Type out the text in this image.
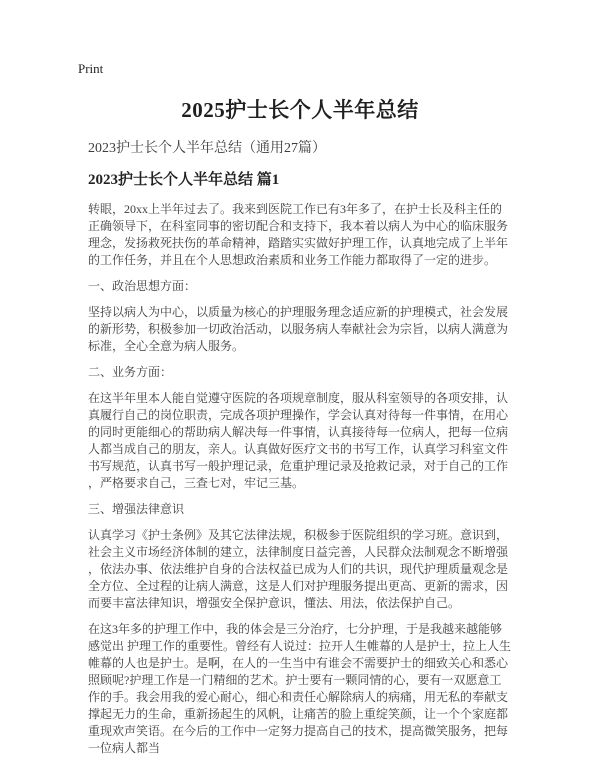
Print
2025护士长个人半年总结
2023护士长个人半年总结（通用27篇）
2023护士长个人半年总结 篇1

转眼，20xx上半年过去了。我来到医院工作已有3年多了，在护士长及科主任的正确领导下，在科室同事的密切配合和支持下，我本着以病人为中心的临床服务理念，发扬救死扶伤的革命精神，踏踏实实做好护理工作，认真地完成了上半年的工作任务，并且在个人思想政治素质和业务工作能力都取得了一定的进步。

一、政治思想方面：

坚持以病人为中心，以质量为核心的护理服务理念适应新的护理模式，社会发展的新形势，积极参加一切政治活动，以服务病人奉献社会为宗旨，以病人满意为标准，全心全意为病人服务。

二、业务方面：

在这半年里本人能自觉遵守医院的各项规章制度，服从科室领导的各项安排，认真履行自己的岗位职责，完成各项护理操作，学会认真对待每一件事情，在用心的同时更能细心的帮助病人解决每一件事情，认真接待每一位病人，把每一位病人都当成自己的朋友，亲人。认真做好医疗文书的书写工作，认真学习科室文件书写规范，认真书写一般护理记录，危重护理记录及抢救记录，对于自己的工作，严格要求自己，三查七对，牢记三基。

三、增强法律意识

认真学习《护士条例》及其它法律法规，积极参于医院组织的学习班。意识到，社会主义市场经济体制的建立，法律制度日益完善，人民群众法制观念不断增强，依法办事、依法维护自身的合法权益已成为人们的共识，现代护理质量观念是全方位、全过程的让病人满意，这是人们对护理服务提出更高、更新的需求，因而要丰富法律知识，增强安全保护意识，懂法、用法，依法保护自己。

在这3年多的护理工作中，我的体会是三分治疗，七分护理，于是我越来越能够感觉出 护理工作的重要性。曾经有人说过：拉开人生帷幕的人是护士，拉上人生帷幕的人也是护士。是啊，在人的一生当中有谁会不需要护士的细致关心和悉心照顾呢?护理工作是一门精细的艺术。护士要有一颗同情的心，要有一双愿意工作的手。我会用我的爱心耐心，细心和责任心解除病人的病痛，用无私的奉献支撑起无力的生命，重新扬起生的风帆，让痛苦的脸上重绽笑颜，让一个个家庭都重现欢声笑语。在今后的工作中一定努力提高自己的技术，提高微笑服务，把每一位病人都当
